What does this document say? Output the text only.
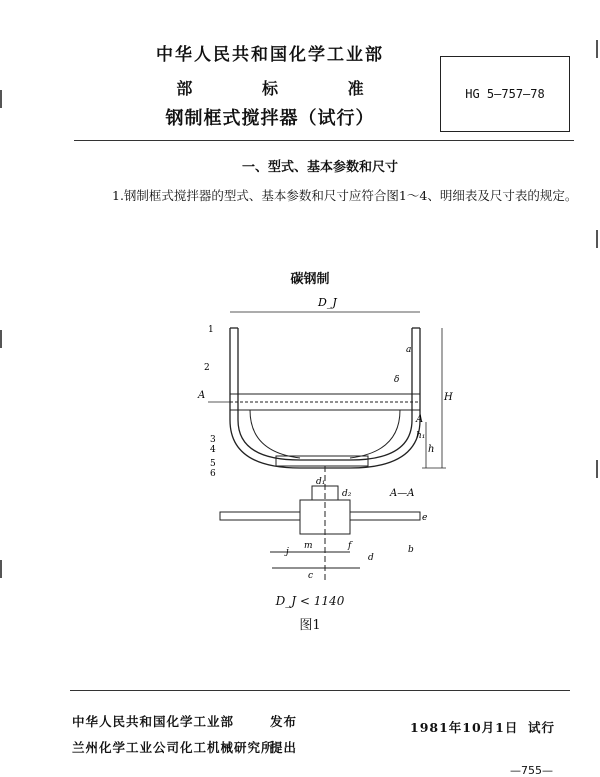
中华人民共和国化学工业部
部 标 准
钢制框式搅拌器（试行）
HG 5—757—78
一、型式、基本参数和尺寸
1.钢制框式搅拌器的型式、基本参数和尺寸应符合图1～4、明细表及尺寸表的规定。
碳钢制
D_J
H
h
h₁
a
δ
A
A
A—A
d₁
d₂
d
c
f
m
j
e
b
1
2
3
4
5
6
D_J < 1140
图1
中华人民共和国化学工业部	发布
兰州化学工业公司化工机械研究所
提出
1981年10月1日 试行
—755—
